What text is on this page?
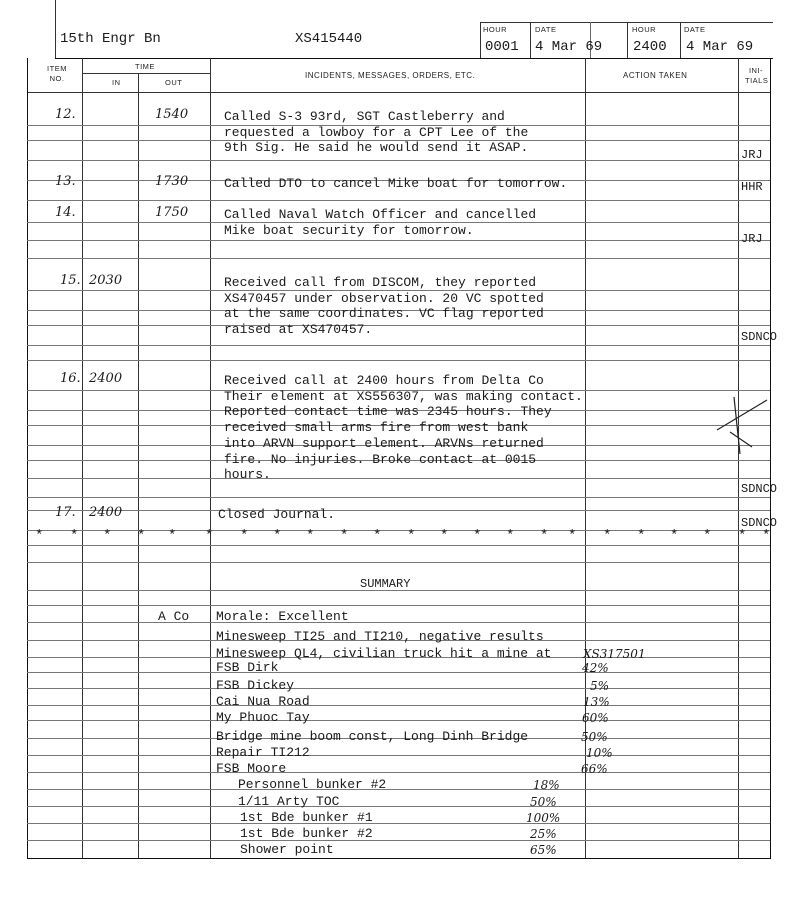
15th Engr Bn	XS415440
HOUR	DATE	HOUR	DATE
0001 4 Mar 69 2400 4 Mar 69
ITEM NO.
TIME
IN	OUT
INCIDENTS, MESSAGES, ORDERS, ETC.	ACTION TAKEN
INI-TIALS
12.	1540	Called S-3 93rd, SGT Castleberry and
requested a lowboy for a CPT Lee of the
9th Sig. He said he would send it ASAP.	JRJ
13.	1730	Called DTO to cancel Mike boat for tomorrow.	HHR
14.	1750	Called Naval Watch Officer and cancelled
Mike boat security for tomorrow.
JRJ
15. 2030	Received call from DISCOM, they reported
XS470457 under observation. 20 VC spotted
at the same coordinates. VC flag reported
raised at XS470457.	SDNCO
16. 2400	Received call at 2400 hours from Delta Co
Their element at XS556307, was making contact.
Reported contact time was 2345 hours. They
received small arms fire from west bank
into ARVN support element. ARVNs returned
fire. No injuries. Broke contact at 0015
hours.
SDNCO
17. 2400	Closed Journal.
SDNCO
* * * * * * * * * * * * * * * * * * * * * * *
SUMMARY
A Co Morale: Excellent
Minesweep TI25 and TI210, negative results
Minesweep QL4, civilian truck hit a mine at	XS317501
FSB Dirk	42%
FSB Dickey	5%
Cai Nua Road	13%
My Phuoc Tay	60%
Bridge mine boom const, Long Dinh Bridge	50%
Repair TI212	10%
FSB Moore	66%
Personnel bunker #2	18%
1/11 Arty TOC	50%
1st Bde bunker #1	100%
1st Bde bunker #2	25%
Shower point	65%
